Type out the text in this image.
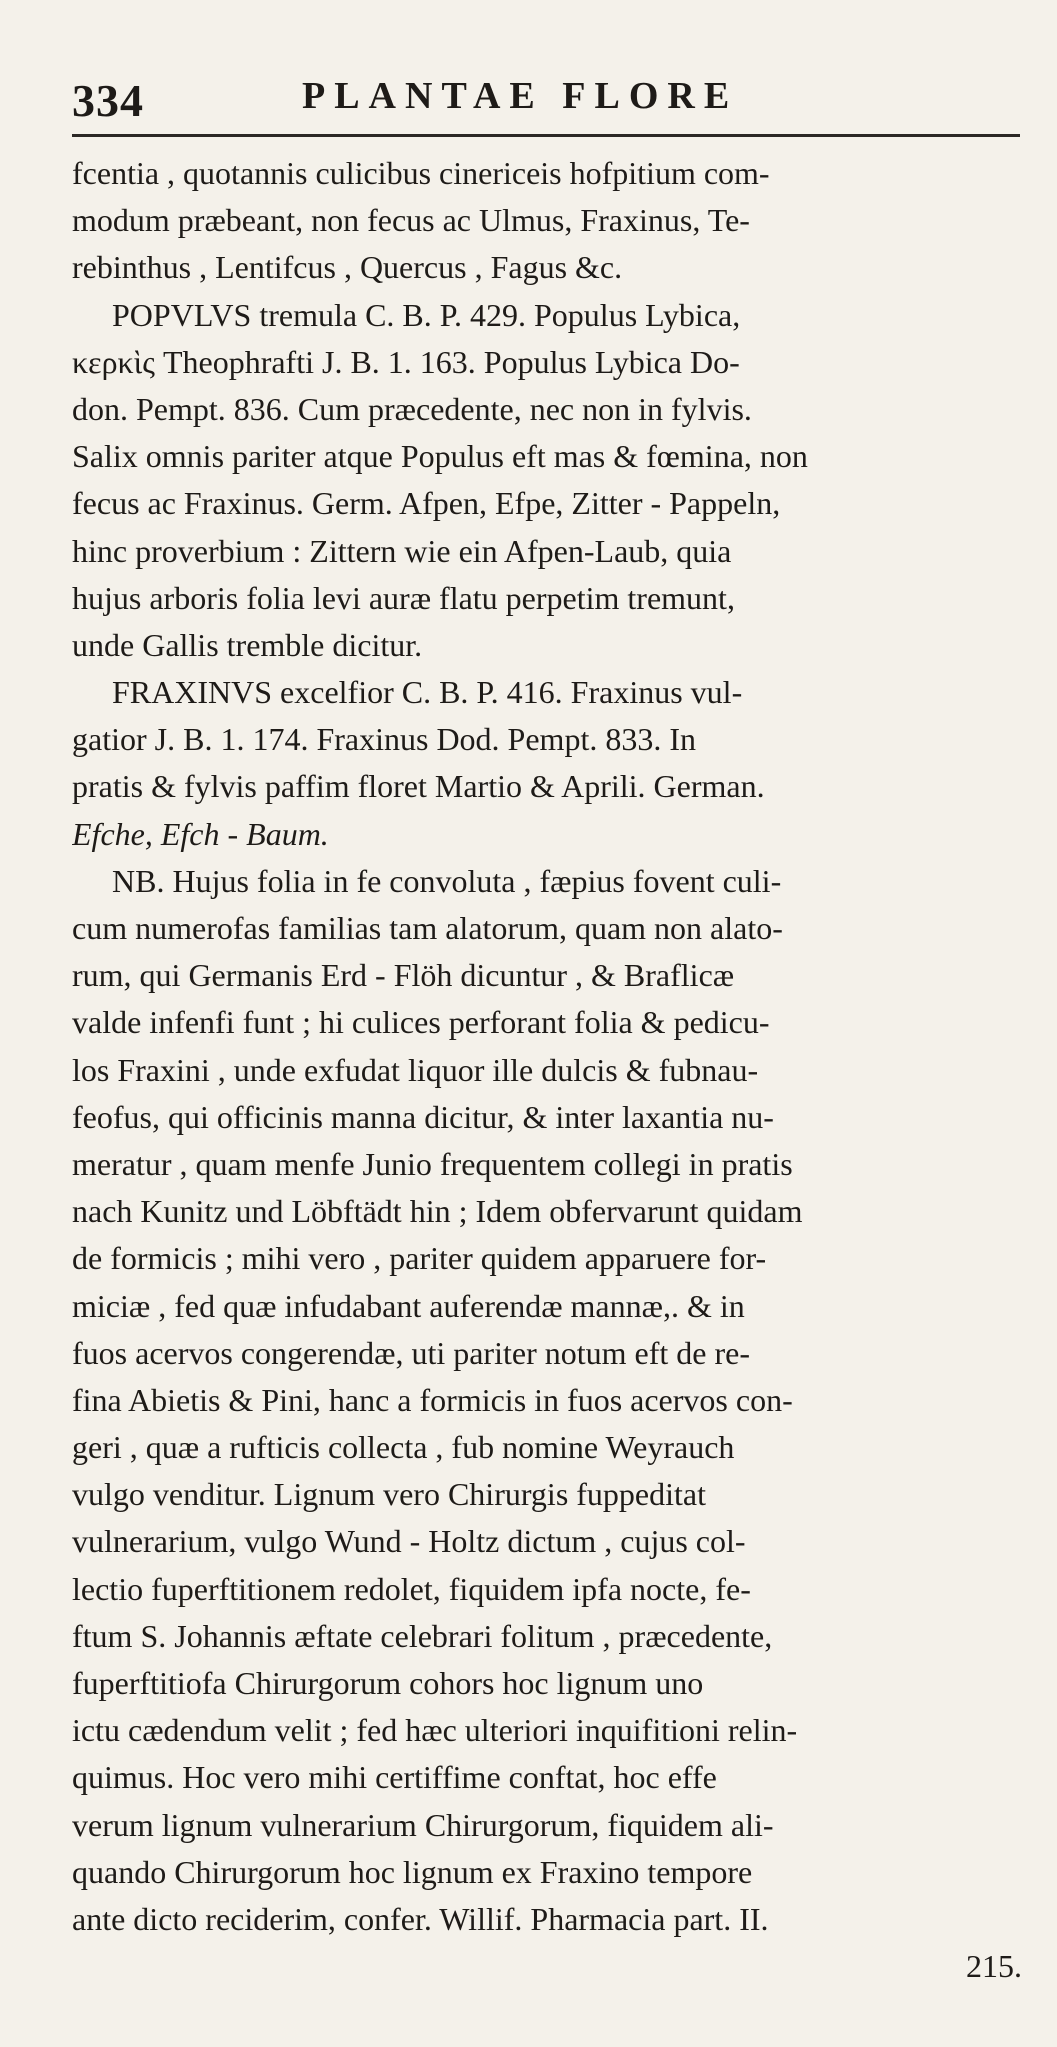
334	PLANTAE FLORE
fcentia , quotannis culicibus cinericeis hofpitium com-
modum præbeant, non fecus ac Ulmus, Fraxinus, Te-
rebinthus , Lentifcus , Quercus , Fagus &c.
POPVLVS tremula C. B. P. 429. Populus Lybica,
κερκὶς Theophrafti J. B. 1. 163. Populus Lybica Do-
don. Pempt. 836. Cum præcedente, nec non in fylvis.
Salix omnis pariter atque Populus eft mas & fœmina, non
fecus ac Fraxinus. Germ. Afpen, Efpe, Zitter - Pappeln,
hinc proverbium : Zittern wie ein Afpen-Laub, quia
hujus arboris folia levi auræ flatu perpetim tremunt,
unde Gallis tremble dicitur.
FRAXINVS excelfior C. B. P. 416. Fraxinus vul-
gatior J. B. 1. 174. Fraxinus Dod. Pempt. 833. In
pratis & fylvis paffim floret Martio & Aprili. German.
Efche, Efch - Baum.
NB. Hujus folia in fe convoluta , fæpius fovent culi-
cum numerofas familias tam alatorum, quam non alato-
rum, qui Germanis Erd - Flöh dicuntur , & Braflicæ
valde infenfi funt ; hi culices perforant folia & pedicu-
los Fraxini , unde exfudat liquor ille dulcis & fubnau-
feofus, qui officinis manna dicitur, & inter laxantia nu-
meratur , quam menfe Junio frequentem collegi in pratis
nach Kunitz und Löbftädt hin ; Idem obfervarunt quidam
de formicis ; mihi vero , pariter quidem apparuere for-
miciæ , fed quæ infudabant auferendæ mannæ,. & in
fuos acervos congerendæ, uti pariter notum eft de re-
fina Abietis & Pini, hanc a formicis in fuos acervos con-
geri , quæ a rufticis collecta , fub nomine Weyrauch
vulgo venditur. Lignum vero Chirurgis fuppeditat
vulnerarium, vulgo Wund - Holtz dictum , cujus col-
lectio fuperftitionem redolet, fiquidem ipfa nocte, fe-
ftum S. Johannis æftate celebrari folitum , præcedente,
fuperftitiofa Chirurgorum cohors hoc lignum uno
ictu cædendum velit ; fed hæc ulteriori inquifitioni relin-
quimus. Hoc vero mihi certiffime conftat, hoc effe
verum lignum vulnerarium Chirurgorum, fiquidem ali-
quando Chirurgorum hoc lignum ex Fraxino tempore
ante dicto reciderim, confer. Willif. Pharmacia part. II.
215.
